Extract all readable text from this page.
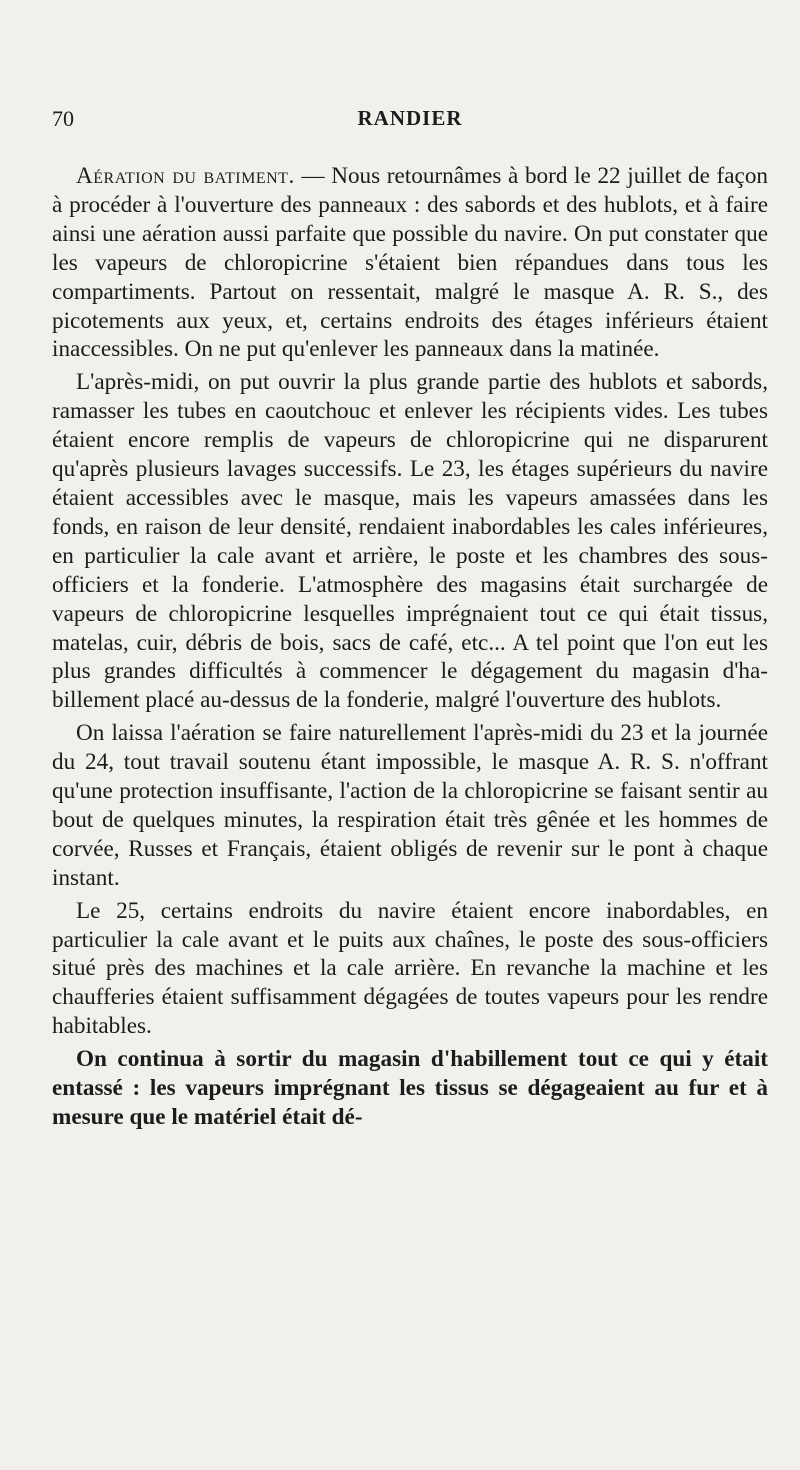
70	RANDIER

Aération du batiment. — Nous retournâmes à bord le 22 juillet de façon à procéder à l'ouverture des panneaux : des sabords et des hublots, et à faire ainsi une aération aussi parfaite que possible du navire. On put constater que les vapeurs de chloropicrine s'étaient bien répandues dans tous les compartiments. Partout on ressentait, malgré le masque A. R. S., des picotements aux yeux, et, certains endroits des étages inférieurs étaient inaccessibles. On ne put qu'enlever les panneaux dans la matinée.

L'après-midi, on put ouvrir la plus grande partie des hublots et sabords, ramasser les tubes en caoutchouc et enlever les récipients vides. Les tubes étaient encore remplis de vapeurs de chloropicrine qui ne disparurent qu'après plusieurs lavages successifs. Le 23, les étages supérieurs du navire étaient accessibles avec le masque, mais les vapeurs amassées dans les fonds, en raison de leur densité, rendaient inabordables les cales inférieures, en particulier la cale avant et arrière, le poste et les chambres des sous-officiers et la fonderie. L'atmosphère des magasins était surchargée de vapeurs de chloropicrine lesquelles imprégnaient tout ce qui était tissus, matelas, cuir, débris de bois, sacs de café, etc... A tel point que l'on eut les plus grandes difficultés à commencer le dégagement du magasin d'habillement placé au-dessus de la fonderie, malgré l'ouverture des hublots.

On laissa l'aération se faire naturellement l'après-midi du 23 et la journée du 24, tout travail soutenu étant impossible, le masque A. R. S. n'offrant qu'une protection insuffisante, l'action de la chloropicrine se faisant sentir au bout de quelques minutes, la respiration était très gênée et les hommes de corvée, Russes et Français, étaient obligés de revenir sur le pont à chaque instant.

Le 25, certains endroits du navire étaient encore inabordables, en particulier la cale avant et le puits aux chaînes, le poste des sous-officiers situé près des machines et la cale arrière. En revanche la machine et les chaufferies étaient suffisamment dégagées de toutes vapeurs pour les rendre habitables.

On continua à sortir du magasin d'habillement tout ce qui y était entassé : les vapeurs imprégnant les tissus se dégageaient au fur et à mesure que le matériel était dé-
